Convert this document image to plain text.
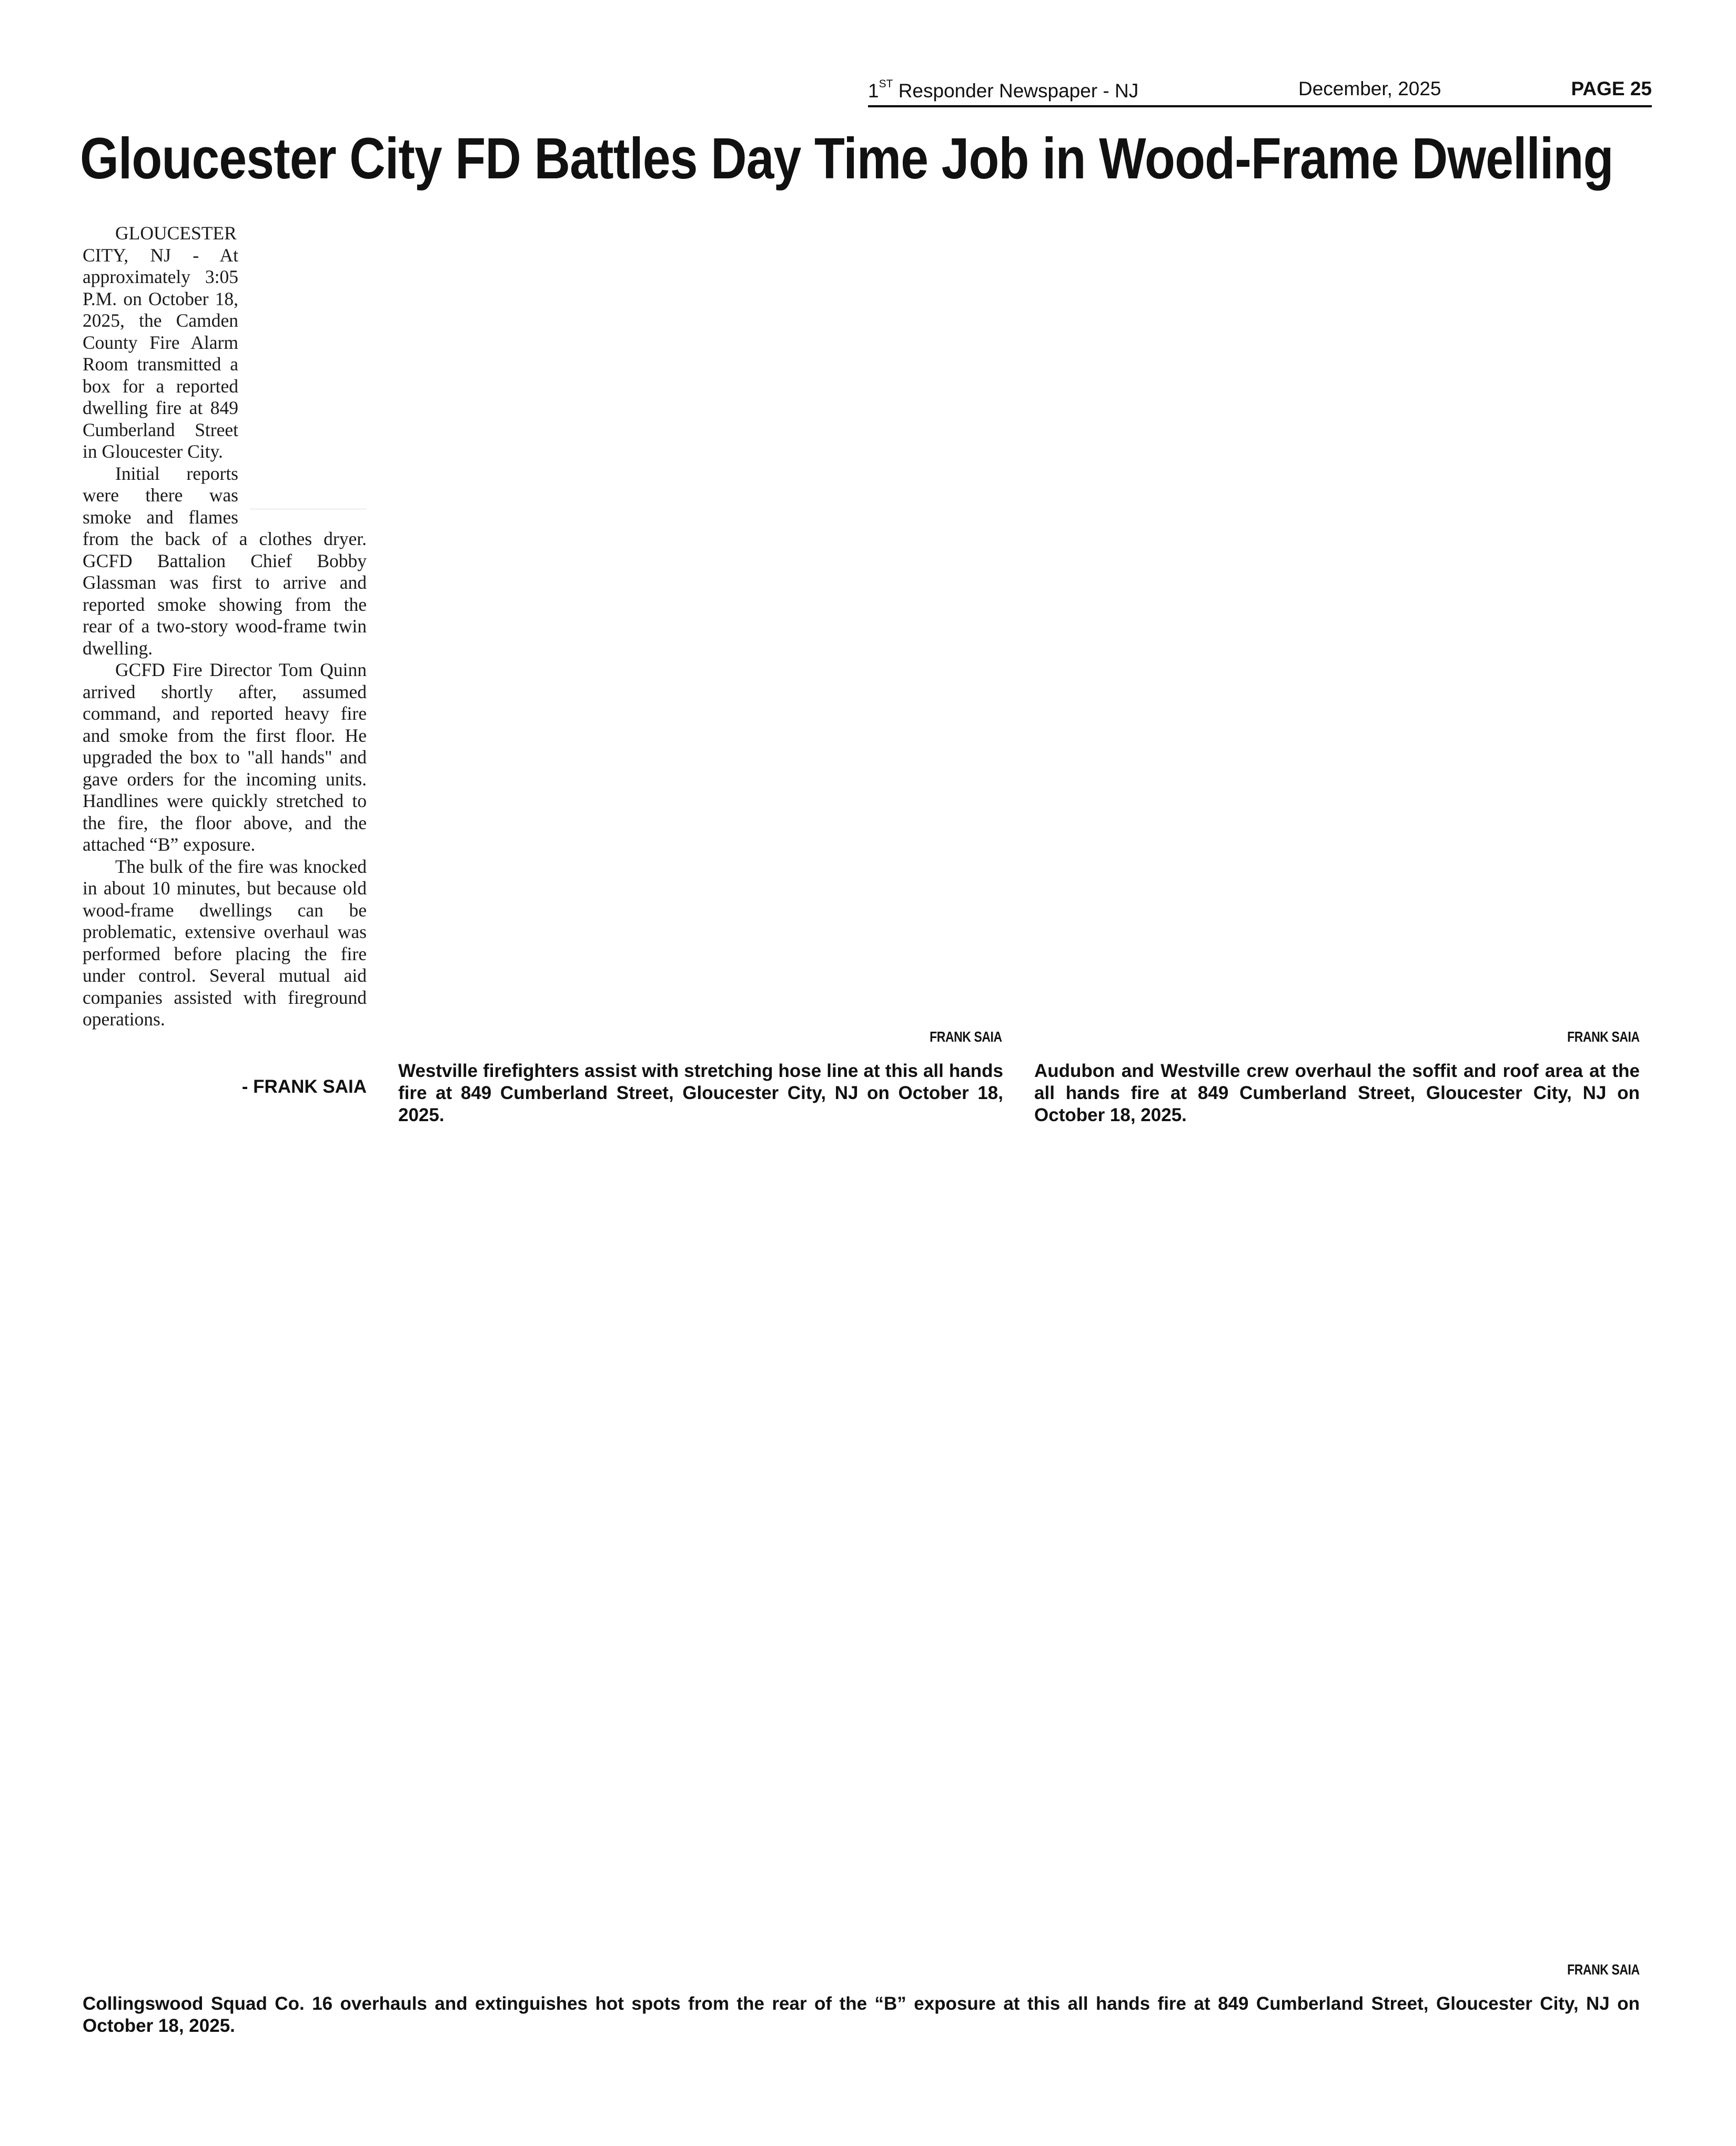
1ST Responder Newspaper - NJ	December, 2025	PAGE 25
Gloucester City FD Battles Day Time Job in Wood-Frame Dwelling

GLOUCESTER CITY, NJ - At approximately 3:05 P.M. on October 18, 2025, the Camden County Fire Alarm Room transmitted a box for a reported dwelling fire at 849 Cumberland Street in Gloucester City.

Initial reports were there was smoke and flames from the back of a clothes dryer. GCFD Battalion Chief Bobby Glassman was first to arrive and reported smoke showing from the rear of a two-story wood-frame twin dwelling.

GCFD Fire Director Tom Quinn arrived shortly after, assumed command, and reported heavy fire and smoke from the first floor. He upgraded the box to "all hands" and gave orders for the incoming units. Handlines were quickly stretched to the fire, the floor above, and the attached “B” exposure.

The bulk of the fire was knocked in about 10 minutes, but because old wood-frame dwellings can be problematic, extensive overhaul was performed before placing the fire under control. Several mutual aid companies assisted with fireground operations.

- FRANK SAIA
FRANK SAIA
Westville firefighters assist with stretching hose line at this all hands fire at 849 Cumberland Street, Gloucester City, NJ on October 18, 2025.
FRANK SAIA
Audubon and Westville crew overhaul the soffit and roof area at the all hands fire at 849 Cumberland Street, Gloucester City, NJ on October 18, 2025.
FRANK SAIA
Collingswood Squad Co. 16 overhauls and extinguishes hot spots from the rear of the “B” exposure at this all hands fire at 849 Cumberland Street, Gloucester City, NJ on October 18, 2025.
